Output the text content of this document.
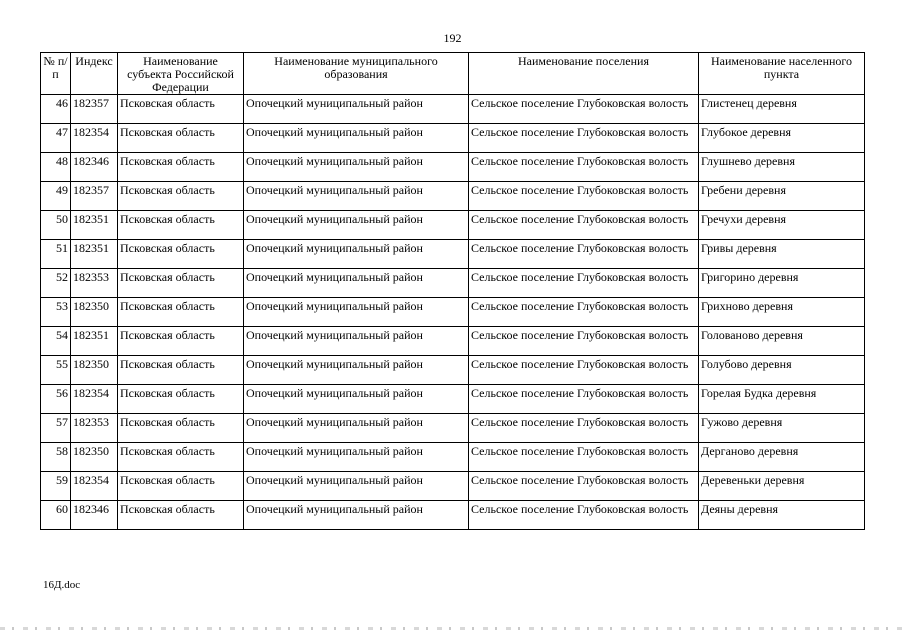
192
№ п/п	Индекс	Наименование субъекта Российской Федерации	Наименование муниципального образования	Наименование поселения	Наименование населенного пункта
46	182357	Псковская область	Опочецкий муниципальный район	Сельское поселение Глубоковская волость	Глистенец деревня
47	182354	Псковская область	Опочецкий муниципальный район	Сельское поселение Глубоковская волость	Глубокое деревня
48	182346	Псковская область	Опочецкий муниципальный район	Сельское поселение Глубоковская волость	Глушнево деревня
49	182357	Псковская область	Опочецкий муниципальный район	Сельское поселение Глубоковская волость	Гребени деревня
50	182351	Псковская область	Опочецкий муниципальный район	Сельское поселение Глубоковская волость	Гречухи деревня
51	182351	Псковская область	Опочецкий муниципальный район	Сельское поселение Глубоковская волость	Гривы деревня
52	182353	Псковская область	Опочецкий муниципальный район	Сельское поселение Глубоковская волость	Григорино деревня
53	182350	Псковская область	Опочецкий муниципальный район	Сельское поселение Глубоковская волость	Грихново деревня
54	182351	Псковская область	Опочецкий муниципальный район	Сельское поселение Глубоковская волость	Голованово деревня
55	182350	Псковская область	Опочецкий муниципальный район	Сельское поселение Глубоковская волость	Голубово деревня
56	182354	Псковская область	Опочецкий муниципальный район	Сельское поселение Глубоковская волость	Горелая Будка деревня
57	182353	Псковская область	Опочецкий муниципальный район	Сельское поселение Глубоковская волость	Гужово деревня
58	182350	Псковская область	Опочецкий муниципальный район	Сельское поселение Глубоковская волость	Дерганово деревня
59	182354	Псковская область	Опочецкий муниципальный район	Сельское поселение Глубоковская волость	Деревеньки деревня
60	182346	Псковская область	Опочецкий муниципальный район	Сельское поселение Глубоковская волость	Деяны деревня
16Д.doc
